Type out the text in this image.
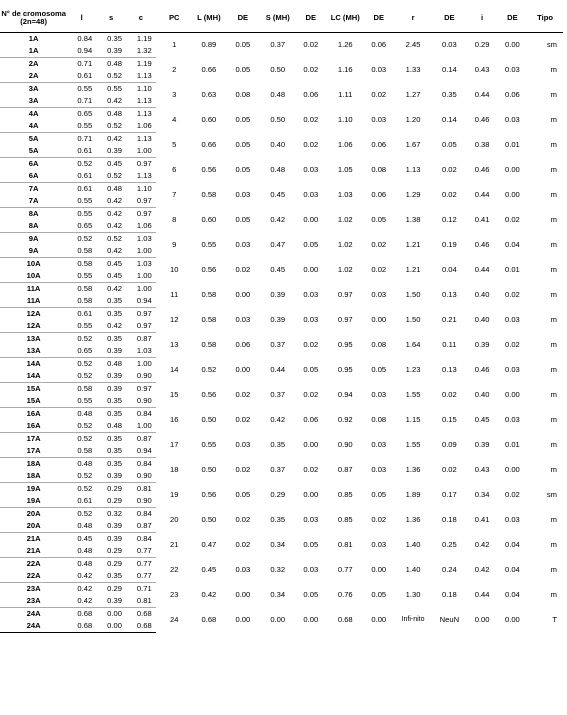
N° de cromosoma (2n=48)	l	s	c	PC	L (MH)	DE	S (MH)	DE	LC (MH)	DE	r	DE	i	DE	Tipo
1A	0.84	0.35	1.19	1	0.89	0.05	0.37	0.02	1.26	0.06	2.45	0.03	0.29	0.00	sm
1A	0.94	0.39	1.32												
2A	0.71	0.48	1.19	2	0.66	0.05	0.50	0.02	1.16	0.03	1.33	0.14	0.43	0.03	m
2A	0.61	0.52	1.13												
3A	0.55	0.55	1.10	3	0.63	0.08	0.48	0.06	1.11	0.02	1.27	0.35	0.44	0.06	m
3A	0.71	0.42	1.13												
4A	0.65	0.48	1.13	4	0.60	0.05	0.50	0.02	1.10	0.03	1.20	0.14	0.46	0.03	m
4A	0.55	0.52	1.06												
5A	0.71	0.42	1.13	5	0.66	0.05	0.40	0.02	1.06	0.06	1.67	0.05	0.38	0.01	m
5A	0.61	0.39	1.00												
6A	0.52	0.45	0.97	6	0.56	0.05	0.48	0.03	1.05	0.08	1.13	0.02	0.46	0.00	m
6A	0.61	0.52	1.13												
7A	0.61	0.48	1.10	7	0.58	0.03	0.45	0.03	1.03	0.06	1.29	0.02	0.44	0.00	m
7A	0.55	0.42	0.97												
8A	0.55	0.42	0.97	8	0.60	0.05	0.42	0.00	1.02	0.05	1.38	0.12	0.41	0.02	m
8A	0.65	0.42	1.06												
9A	0.52	0.52	1.03	9	0.55	0.03	0.47	0.05	1.02	0.02	1.21	0.19	0.46	0.04	m
9A	0.58	0.42	1.00												
10A	0.58	0.45	1.03	10	0.56	0.02	0.45	0.00	1.02	0.02	1.21	0.04	0.44	0.01	m
10A	0.55	0.45	1.00												
11A	0.58	0.42	1.00	11	0.58	0.00	0.39	0.03	0.97	0.03	1.50	0.13	0.40	0.02	m
11A	0.58	0.35	0.94												
12A	0.61	0.35	0.97	12	0.58	0.03	0.39	0.03	0.97	0.00	1.50	0.21	0.40	0.03	m
12A	0.55	0.42	0.97												
13A	0.52	0.35	0.87	13	0.58	0.06	0.37	0.02	0.95	0.08	1.64	0.11	0.39	0.02	m
13A	0.65	0.39	1.03												
14A	0.52	0.48	1.00	14	0.52	0.00	0.44	0.05	0.95	0.05	1.23	0.13	0.46	0.03	m
14A	0.52	0.39	0.90												
15A	0.58	0.39	0.97	15	0.56	0.02	0.37	0.02	0.94	0.03	1.55	0.02	0.40	0.00	m
15A	0.55	0.35	0.90												
16A	0.48	0.35	0.84	16	0.50	0.02	0.42	0.06	0.92	0.08	1.15	0.15	0.45	0.03	m
16A	0.52	0.48	1.00												
17A	0.52	0.35	0.87	17	0.55	0.03	0.35	0.00	0.90	0.03	1.55	0.09	0.39	0.01	m
17A	0.58	0.35	0.94												
18A	0.48	0.35	0.84	18	0.50	0.02	0.37	0.02	0.87	0.03	1.36	0.02	0.43	0.00	m
18A	0.52	0.39	0.90												
19A	0.52	0.29	0.81	19	0.56	0.05	0.29	0.00	0.85	0.05	1.89	0.17	0.34	0.02	sm
19A	0.61	0.29	0.90												
20A	0.52	0.32	0.84	20	0.50	0.02	0.35	0.03	0.85	0.02	1.36	0.18	0.41	0.03	m
20A	0.48	0.39	0.87												
21A	0.45	0.39	0.84	21	0.47	0.02	0.34	0.05	0.81	0.03	1.40	0.25	0.42	0.04	m
21A	0.48	0.29	0.77												
22A	0.48	0.29	0.77	22	0.45	0.03	0.32	0.03	0.77	0.00	1.40	0.24	0.42	0.04	m
22A	0.42	0.35	0.77												
23A	0.42	0.29	0.71	23	0.42	0.00	0.34	0.05	0.76	0.05	1.30	0.18	0.44	0.04	m
23A	0.42	0.39	0.81												
24A	0.68	0.00	0.68	24	0.68	0.00	0.00	0.00	0.68	0.00	Infi-nito	NeuN	0.00	0.00	T
24A	0.68	0.00	0.68												
